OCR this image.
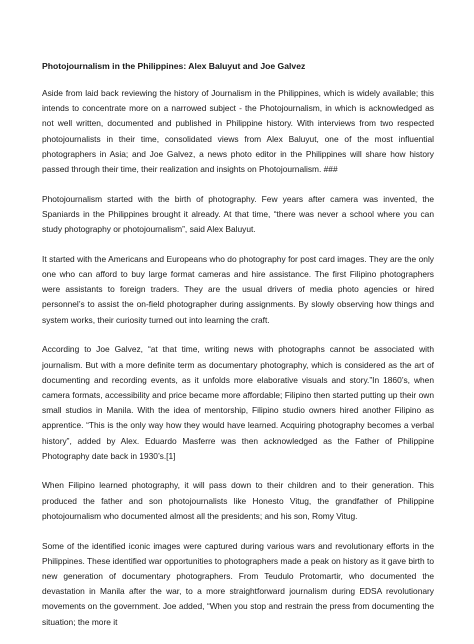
Photojournalism in the Philippines: Alex Baluyut and Joe Galvez

Aside from laid back reviewing the history of Journalism in the Philippines, which is widely available; this intends to concentrate more on a narrowed subject - the Photojournalism, in which is acknowledged as not well written, documented and published in Philippine history. With interviews from two respected photojournalists in their time, consolidated views from Alex Baluyut, one of the most influential photographers in Asia; and Joe Galvez, a news photo editor in the Philippines will share how history passed through their time, their realization and insights on Photojournalism. ###

Photojournalism started with the birth of photography. Few years after camera was invented, the Spaniards in the Philippines brought it already. At that time, “there was never a school where you can study photography or photojournalism”, said Alex Baluyut.

It started with the Americans and Europeans who do photography for post card images. They are the only one who can afford to buy large format cameras and hire assistance. The first Filipino photographers were assistants to foreign traders. They are the usual drivers of media photo agencies or hired personnel’s to assist the on-field photographer during assignments. By slowly observing how things and system works, their curiosity turned out into learning the craft.

According to Joe Galvez, “at that time, writing news with photographs cannot be associated with journalism. But with a more definite term as documentary photography, which is considered as the art of documenting and recording events, as it unfolds more elaborative visuals and story.”In 1860’s, when camera formats, accessibility and price became more affordable; Filipino then started putting up their own small studios in Manila. With the idea of mentorship, Filipino studio owners hired another Filipino as apprentice. “This is the only way how they would have learned. Acquiring photography becomes a verbal history”, added by Alex. Eduardo Masferre was then acknowledged as the Father of Philippine Photography date back in 1930’s.[1]

When Filipino learned photography, it will pass down to their children and to their generation. This produced the father and son photojournalists like Honesto Vitug, the grandfather of Philippine photojournalism who documented almost all the presidents; and his son, Romy Vitug.

Some of the identified iconic images were captured during various wars and revolutionary efforts in the Philippines. These identified war opportunities to photographers made a peak on history as it gave birth to new generation of documentary photographers. From Teudulo Protomartir, who documented the devastation in Manila after the war, to a more straightforward journalism during EDSA revolutionary movements on the government. Joe added, “When you stop and restrain the press from documenting the situation; the more it
